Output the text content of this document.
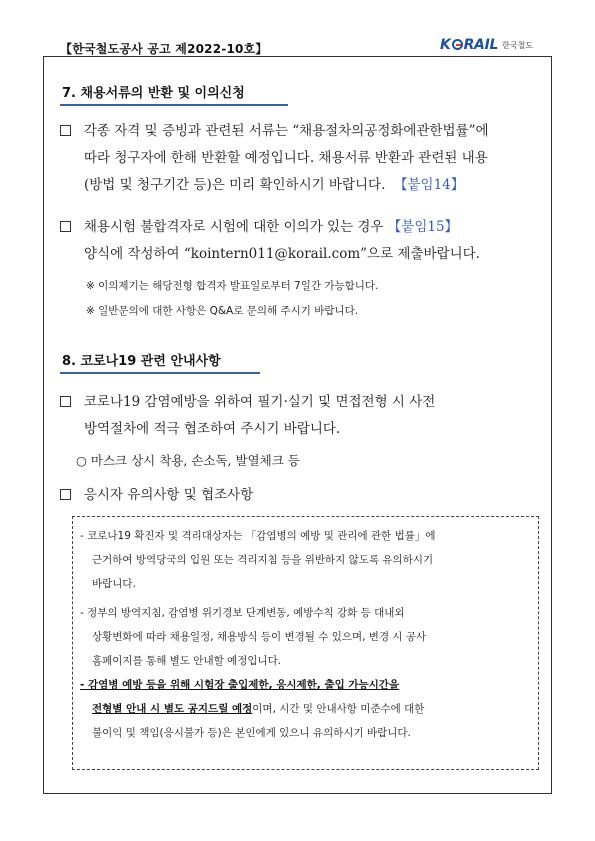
【한국철도공사 공고 제2022-10호】	K RAIL 한국철도
7. 채용서류의 반환 및 이의신청
각종 자격 및 증빙과 관련된 서류는 “채용절차의공정화에관한법률”에
따라 청구자에 한해 반환할 예정입니다. 채용서류 반환과 관련된 내용
(방법 및 청구기간 등)은 미리 확인하시기 바랍니다. 【붙임14】
채용시험 불합격자로 시험에 대한 이의가 있는 경우 【붙임15】
양식에 작성하여 “kointern011@korail.com”으로 제출바랍니다.
※ 이의제기는 해당전형 합격자 발표일로부터 7일간 가능합니다.
※ 일반문의에 대한 사항은 Q&A로 문의해 주시기 바랍니다.
8. 코로나19 관련 안내사항
코로나19 감염예방을 위하여 필기·실기 및 면접전형 시 사전
방역절차에 적극 협조하여 주시기 바랍니다.
○ 마스크 상시 착용, 손소독, 발열체크 등
응시자 유의사항 및 협조사항
- 코로나19 확진자 및 격리대상자는 「감염병의 예방 및 관리에 관한 법률」에
근거하여 방역당국의 입원 또는 격리지침 등을 위반하지 않도록 유의하시기
바랍니다.
- 정부의 방역지침, 감염병 위기경보 단계변동, 예방수칙 강화 등 대내외
상황변화에 따라 채용일정, 채용방식 등이 변경될 수 있으며, 변경 시 공사
홈페이지를 통해 별도 안내할 예정입니다.
- 감염병 예방 등을 위해 시험장 출입제한, 응시제한, 출입 가능시간을
전형별 안내 시 별도 공지드릴 예정이며, 시간 및 안내사항 미준수에 대한
불이익 및 책임(응시불가 등)은 본인에게 있으니 유의하시기 바랍니다.
